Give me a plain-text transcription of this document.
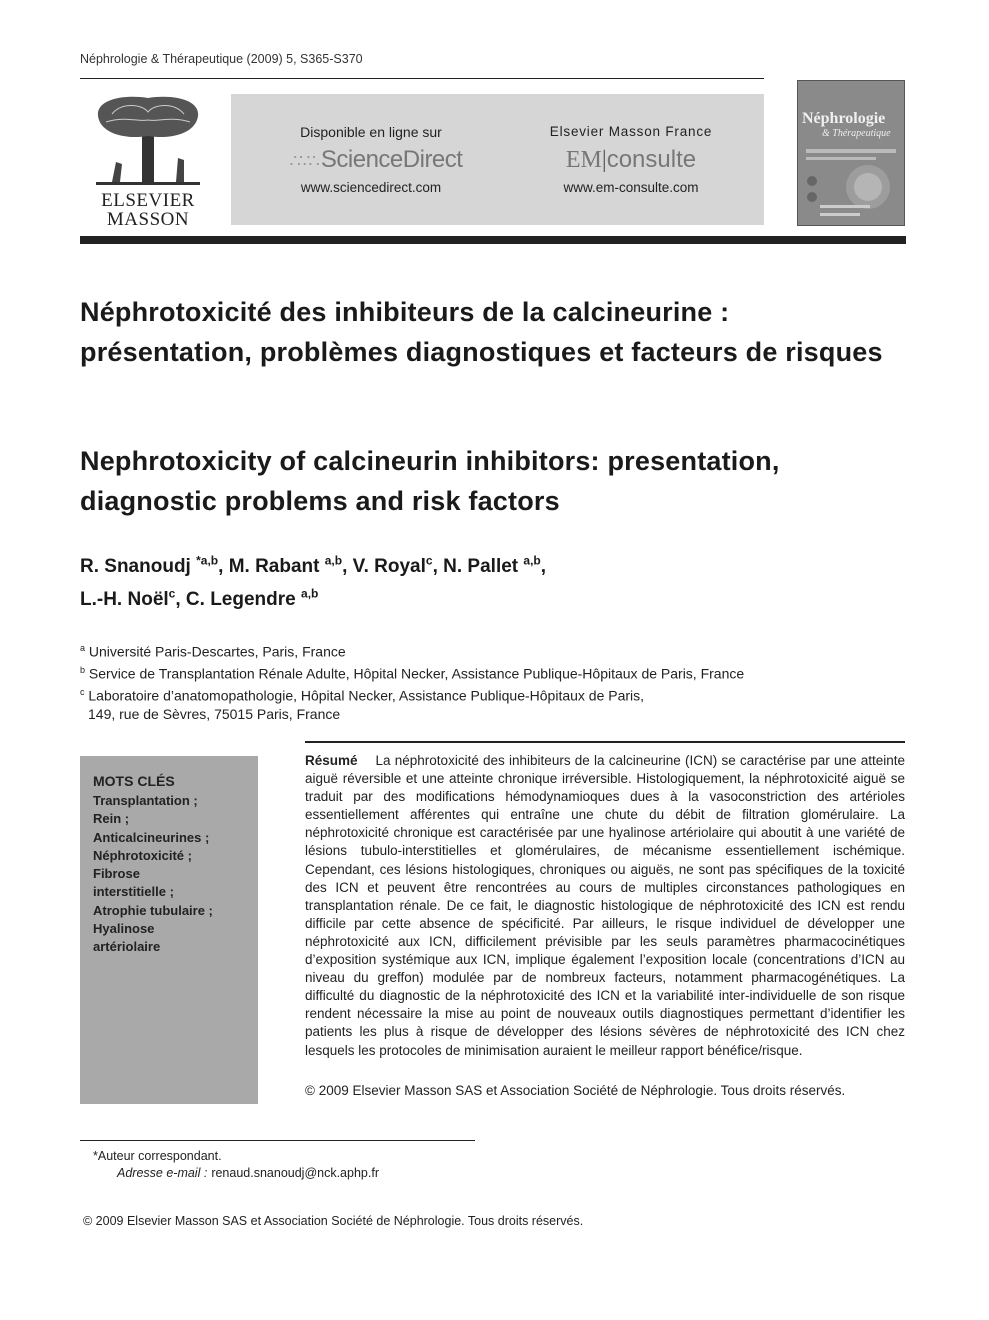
Néphrologie & Thérapeutique (2009) 5, S365-S370
ELSEVIER
MASSON
Disponible en ligne sur
∴∵∴ ScienceDirect
www.sciencedirect.com
Elsevier Masson France
EM|consulte
www.em-consulte.com
Néphrologie
& Thérapeutique
Néphrotoxicité des inhibiteurs de la calcineurine : présentation, problèmes diagnostiques et facteurs de risques
Nephrotoxicity of calcineurin inhibitors: presentation, diagnostic problems and risk factors
R. Snanoudj $^{*a,b}$, M. Rabant $^{a,b}$, V. Royal$^c$, N. Pallet $^{a,b}$,
L.-H. Noël$^c$, C. Legendre $^{a,b}$
$^a$ Université Paris-Descartes, Paris, France
$^b$ Service de Transplantation Rénale Adulte, Hôpital Necker, Assistance Publique-Hôpitaux de Paris, France
$^c$ Laboratoire d’anatomopathologie, Hôpital Necker, Assistance Publique-Hôpitaux de Paris,
149, rue de Sèvres, 75015 Paris, France
MOTS CLÉS
Transplantation ;
Rein ;
Anticalcineurines ;
Néphrotoxicité ;
Fibrose
interstitielle ;
Atrophie tubulaire ;
Hyalinose
artériolaire
Résumé La néphrotoxicité des inhibiteurs de la calcineurine (ICN) se caractérise par une atteinte aiguë réversible et une atteinte chronique irréversible. Histologiquement, la néphrotoxicité aiguë se traduit par des modifications hémodynamioques dues à la vasoconstriction des artérioles essentiellement afférentes qui entraîne une chute du débit de filtration glomérulaire. La néphrotoxicité chronique est caractérisée par une hyalinose artériolaire qui aboutit à une variété de lésions tubulo-interstitielles et glomérulaires, de mécanisme essentiellement ischémique. Cependant, ces lésions histologiques, chroniques ou aiguës, ne sont pas spécifiques de la toxicité des ICN et peuvent être rencontrées au cours de multiples circonstances pathologiques en transplantation rénale. De ce fait, le diagnostic histologique de néphrotoxicité des ICN est rendu difficile par cette absence de spécificité. Par ailleurs, le risque individuel de développer une néphrotoxicité aux ICN, difficilement prévisible par les seuls paramètres pharmacocinétiques d’exposition systémique aux ICN, implique également l’exposition locale (concentrations d’ICN au niveau du greffon) modulée par de nombreux facteurs, notamment pharmacogénétiques. La difficulté du diagnostic de la néphrotoxicité des ICN et la variabilité inter-individuelle de son risque rendent nécessaire la mise au point de nouveaux outils diagnostiques permettant d’identifier les patients les plus à risque de développer des lésions sévères de néphrotoxicité des ICN chez lesquels les protocoles de minimisation auraient le meilleur rapport bénéfice/risque.
© 2009 Elsevier Masson SAS et Association Société de Néphrologie. Tous droits réservés.
*Auteur correspondant.
Adresse e-mail : renaud.snanoudj@nck.aphp.fr
© 2009 Elsevier Masson SAS et Association Société de Néphrologie. Tous droits réservés.
